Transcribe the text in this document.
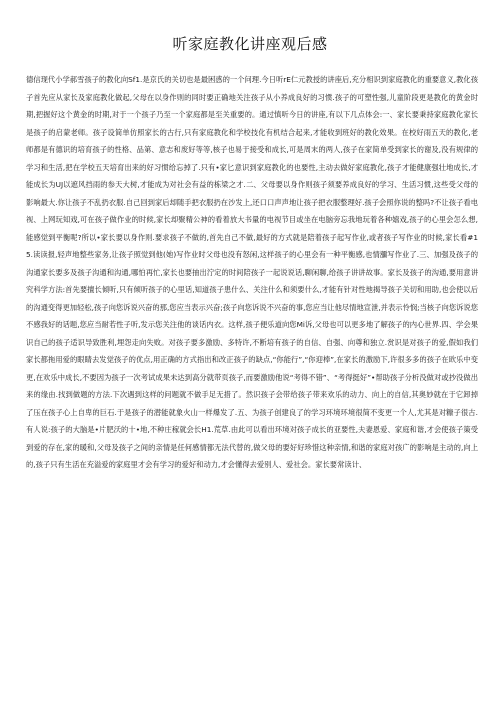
听家庭教化讲座观后感

德信现代小学郝雪孩子的教化向Sf1.是京氏的关切也是最困惑的一个问理.今日听rE仁元教授的讲座后,充分相识到家庭教化的重要意义,教化孩子首先应从家长及家庭教化做起,父母在以身作则的同时要正确地关注孩子从小养成良好的习惯.孩子的可塑性强,儿童阶段更是教化的黄金时期,把握好这个黄金的时期,对于一个孩子乃至一个家庭都是至关重要的。通过慎听今日的讲座,有以下几点体会:一、家长要秉持家庭教化家长是孩子的启蒙老师。孩子设简单仿照家长的古行,只有家庭教化和学校技化有机结合起来,才能收到班好的教化效果。在校好雨五天的教化,老师都是有德识的培育孩子的性格、品第、意志和废好等等,核子也易于接受和成长,可是周末的两人,孩子在家简单受到家长的谢及,没有规律的学习和生活,把在学校五天培育出来的好习惯给忘掉了.只有•家匕意识到家庭教化的也要性,主动去做好家庭教化,孩子才能健康强壮地成长,才能成长为UJ以遮风挡雨的参天大树,才能成为对社会有益的栋梁之才.二、父母要以身作则孩子须要养成良好的学习、生活习惯,这些受父母的影响最大.你让孩子不乱扔衣服.自己回到家后却随手把衣服扔在沙发上,还口口声声地让孩子把衣服整理好.孩子会照你说的整吗?不让孩子看电视、上网玩知戏,可在孩子做作业的时候,家长却聚精公神的看着放大书量的电视节目或坐在电脑旁忘我地玩着各种嬉戏,孩子的心里会怎么想,能感觉到平衡呢?所以•家长要以身作则.要求孩子不做的,首先自己不做,最好的方式就是陪着孩子起写作业,或者孩子写作业的时候,家长看#15.读读报,轻声地整些家务,让孩子照觉到他(她)写作业时父母也没有怒闲,这样孩子的心里会有一种平衡感,也情瀰写作业了.三、加强及孩子的沟通家长要多及孩子沟通和沟通,哪怕再忙,家长也要抽出泞定的时间陪孩子一起说说话,聊闲聊,给孩子讲讲故事。家长及孩子的沟通,要用意讲究科学方法:首先要擅长倾听,只有倾听孩子的心里话,知道孩子患什么、关注什么和须要什么,才能有针对性地揭导孩子关切和用助,也会使以后的沟通变得更加轻松,孩子向您诉说兴奋的那,您应当表示兴奋;孩子向您诉说不兴奋的事,您应当让他尽情地宣泄,并表示怜悯;当核子向您诉说您不感我好的话题,您应当耐若性子听,发示您关注他的谈话内衣。这样,孩子便乐道向您Mi诉,父母也可以更多地了解孩子的内心世界.四、学会果识自己的孩子适识导致胜利,埋怨走向失败。对孩子要多激励、多特许,不断培有孩子的自信、自强、向尊和独立.赏识是对孩子的爱,假如我们家长都拖用爱的眼睛去发觉孩子的优点,用正确的方式指出和改正孩子的缺点,“你能行”,“你迎棒”,在家长的激励下,许很多多的孩子在欧乐中变更,在欢乐中成长,不要因为孩子一次考试成果未达到高分就带页孩子,而要激励他说“考得不错”、“考得挺好”•帮助孩子分析没做对或抄没做出来的缘由.找到做题的方法.下次遇到这样的问题就不做手足无措了。然识孩子会带给孩子带来欢乐的动力、向上的自信,其奥妙就在于它卸掉了压在孩子心上自卑的巨石.于是孩子的潜能就象火山一样爆发了.五、为孩子创建良了的学习环境环境很简不变更一个人,尤其是对糠子很古.有人说:孩子的大脑是•片肥沃的十•地,不种庄稼就会长H1.荒草.由此可以看出环境对孩子成长的亚要性,夫妻恩爱、家庭和谐,才会使孩子策受到爱的存在,家的暖和,父母及孩子之间的亲情是任何感情都无法代替的,做父母的要好好珍惜这种亲情,和谐的家庭对孩广的影响是主动的,向上的,孩子只有生活在充溢爱的家庭里才会有学习的爱好和动力,才会懂得去爱别人、爱社会。家长要常读计、
